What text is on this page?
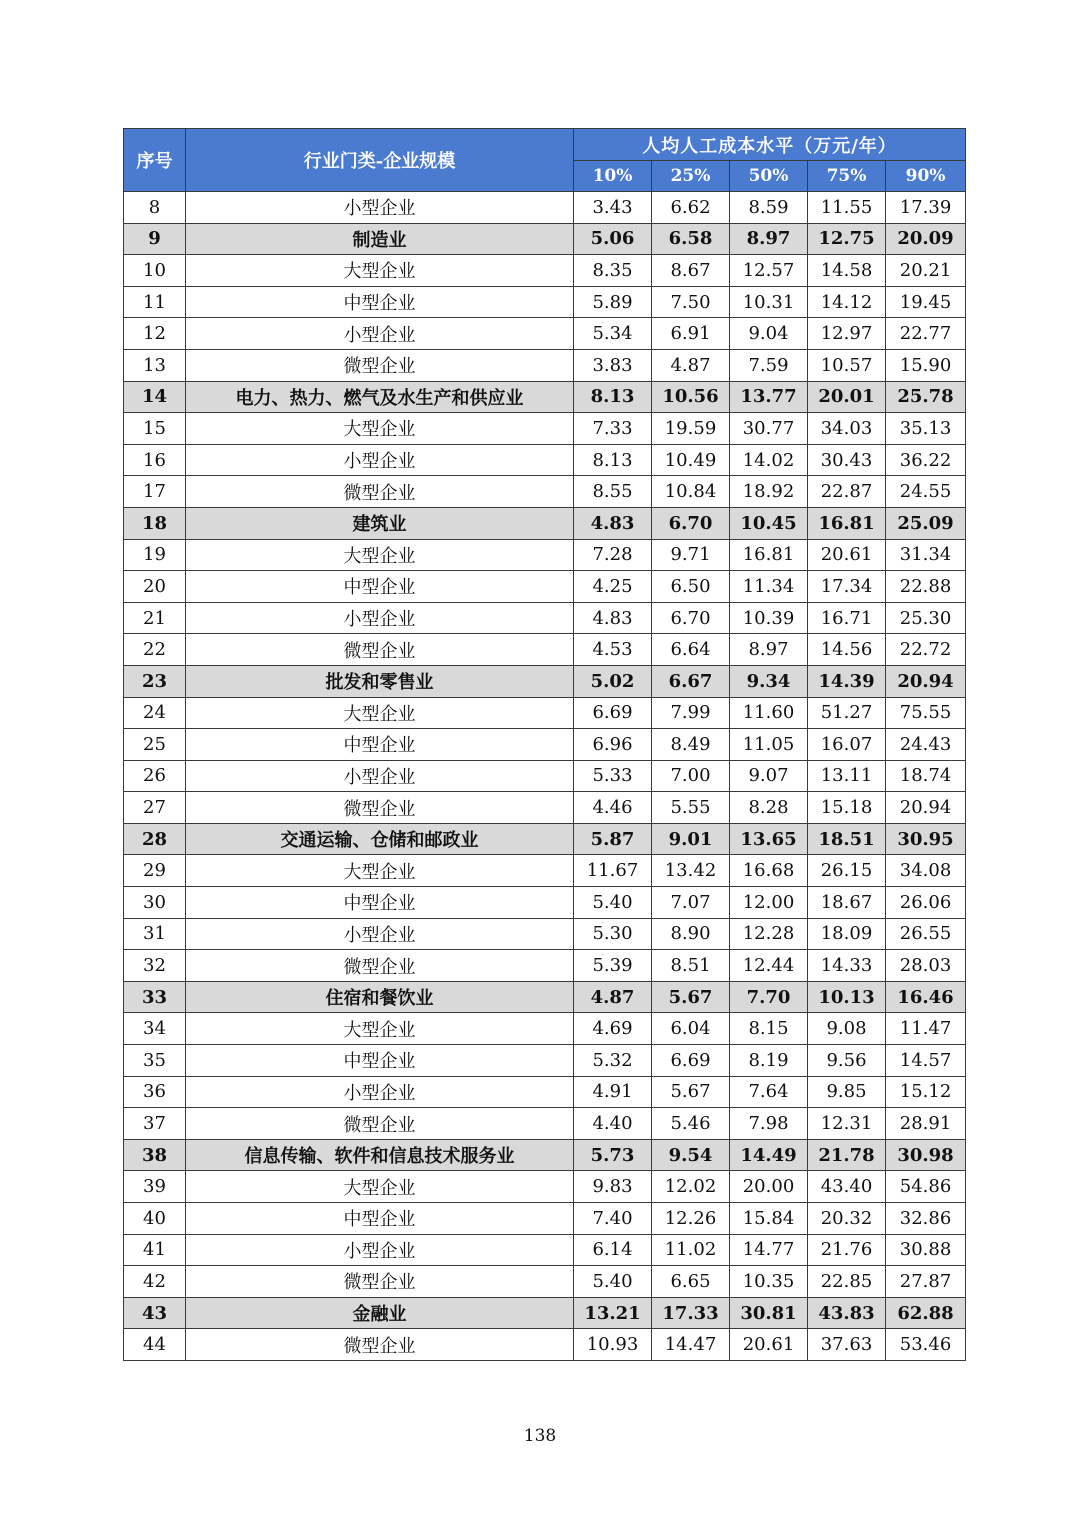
序号	行业门类-企业规模	人均人工成本水平（万元/年）				
		10%	25%	50%	75%	90%
8	小型企业	3.43	6.62	8.59	11.55	17.39
9	制造业	5.06	6.58	8.97	12.75	20.09
10	大型企业	8.35	8.67	12.57	14.58	20.21
11	中型企业	5.89	7.50	10.31	14.12	19.45
12	小型企业	5.34	6.91	9.04	12.97	22.77
13	微型企业	3.83	4.87	7.59	10.57	15.90
14	电力、热力、燃气及水生产和供应业	8.13	10.56	13.77	20.01	25.78
15	大型企业	7.33	19.59	30.77	34.03	35.13
16	小型企业	8.13	10.49	14.02	30.43	36.22
17	微型企业	8.55	10.84	18.92	22.87	24.55
18	建筑业	4.83	6.70	10.45	16.81	25.09
19	大型企业	7.28	9.71	16.81	20.61	31.34
20	中型企业	4.25	6.50	11.34	17.34	22.88
21	小型企业	4.83	6.70	10.39	16.71	25.30
22	微型企业	4.53	6.64	8.97	14.56	22.72
23	批发和零售业	5.02	6.67	9.34	14.39	20.94
24	大型企业	6.69	7.99	11.60	51.27	75.55
25	中型企业	6.96	8.49	11.05	16.07	24.43
26	小型企业	5.33	7.00	9.07	13.11	18.74
27	微型企业	4.46	5.55	8.28	15.18	20.94
28	交通运输、仓储和邮政业	5.87	9.01	13.65	18.51	30.95
29	大型企业	11.67	13.42	16.68	26.15	34.08
30	中型企业	5.40	7.07	12.00	18.67	26.06
31	小型企业	5.30	8.90	12.28	18.09	26.55
32	微型企业	5.39	8.51	12.44	14.33	28.03
33	住宿和餐饮业	4.87	5.67	7.70	10.13	16.46
34	大型企业	4.69	6.04	8.15	9.08	11.47
35	中型企业	5.32	6.69	8.19	9.56	14.57
36	小型企业	4.91	5.67	7.64	9.85	15.12
37	微型企业	4.40	5.46	7.98	12.31	28.91
38	信息传输、软件和信息技术服务业	5.73	9.54	14.49	21.78	30.98
39	大型企业	9.83	12.02	20.00	43.40	54.86
40	中型企业	7.40	12.26	15.84	20.32	32.86
41	小型企业	6.14	11.02	14.77	21.76	30.88
42	微型企业	5.40	6.65	10.35	22.85	27.87
43	金融业	13.21	17.33	30.81	43.83	62.88
44	微型企业	10.93	14.47	20.61	37.63	53.46
138
